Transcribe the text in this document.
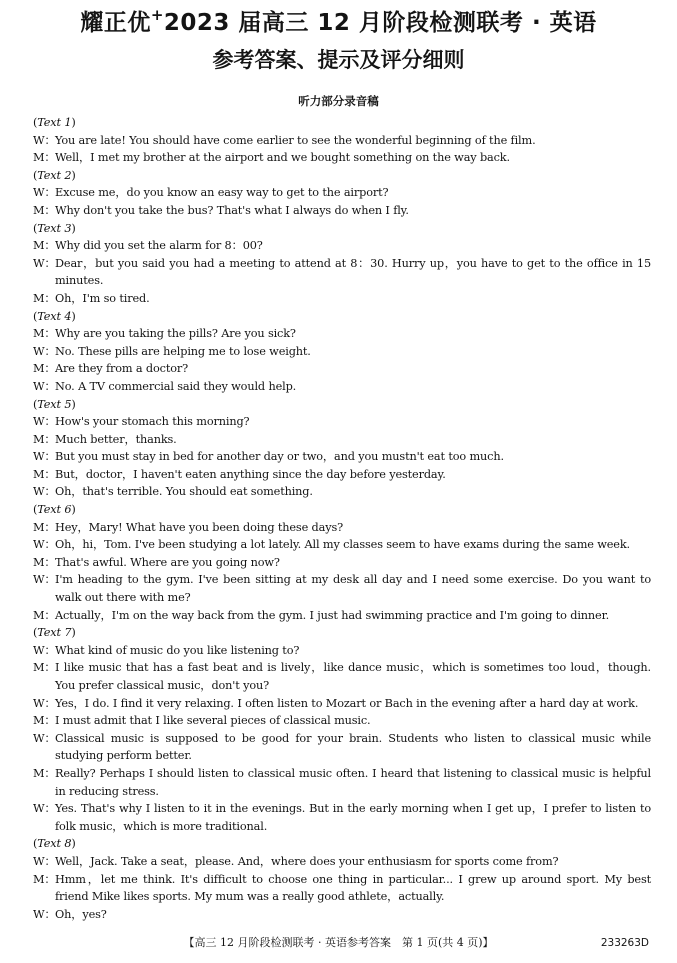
耀正优+2023 届高三 12 月阶段检测联考 · 英语
参考答案、提示及评分细则
听力部分录音稿
(Text 1)
W： You are late! You should have come earlier to see the wonderful beginning of the film.
M： Well，I met my brother at the airport and we bought something on the way back.
(Text 2)
W： Excuse me，do you know an easy way to get to the airport?
M： Why don't you take the bus? That's what I always do when I fly.
(Text 3)
M： Why did you set the alarm for 8：00?
W： Dear，but you said you had a meeting to attend at 8：30. Hurry up，you have to get to the office in 15 minutes.
M： Oh，I'm so tired.
(Text 4)
M： Why are you taking the pills? Are you sick?
W： No. These pills are helping me to lose weight.
M： Are they from a doctor?
W： No. A TV commercial said they would help.
(Text 5)
W： How's your stomach this morning?
M： Much better，thanks.
W： But you must stay in bed for another day or two，and you mustn't eat too much.
M： But，doctor，I haven't eaten anything since the day before yesterday.
W： Oh，that's terrible. You should eat something.
(Text 6)
M： Hey，Mary! What have you been doing these days?
W： Oh，hi，Tom. I've been studying a lot lately. All my classes seem to have exams during the same week.
M： That's awful. Where are you going now?
W： I'm heading to the gym. I've been sitting at my desk all day and I need some exercise. Do you want to walk out there with me?
M： Actually，I'm on the way back from the gym. I just had swimming practice and I'm going to dinner.
(Text 7)
W： What kind of music do you like listening to?
M： I like music that has a fast beat and is lively，like dance music，which is sometimes too loud，though. You prefer classical music，don't you?
W： Yes，I do. I find it very relaxing. I often listen to Mozart or Bach in the evening after a hard day at work.
M： I must admit that I like several pieces of classical music.
W： Classical music is supposed to be good for your brain. Students who listen to classical music while studying perform better.
M： Really? Perhaps I should listen to classical music often. I heard that listening to classical music is helpful in reducing stress.
W： Yes. That's why I listen to it in the evenings. But in the early morning when I get up，I prefer to listen to folk music，which is more traditional.
(Text 8)
W： Well，Jack. Take a seat，please. And，where does your enthusiasm for sports come from?
M： Hmm，let me think. It's difficult to choose one thing in particular... I grew up around sport. My best friend Mike likes sports. My mum was a really good athlete，actually.
W： Oh，yes?
【高三 12 月阶段检测联考 · 英语参考答案　第 1 页(共 4 页)】	233263D
